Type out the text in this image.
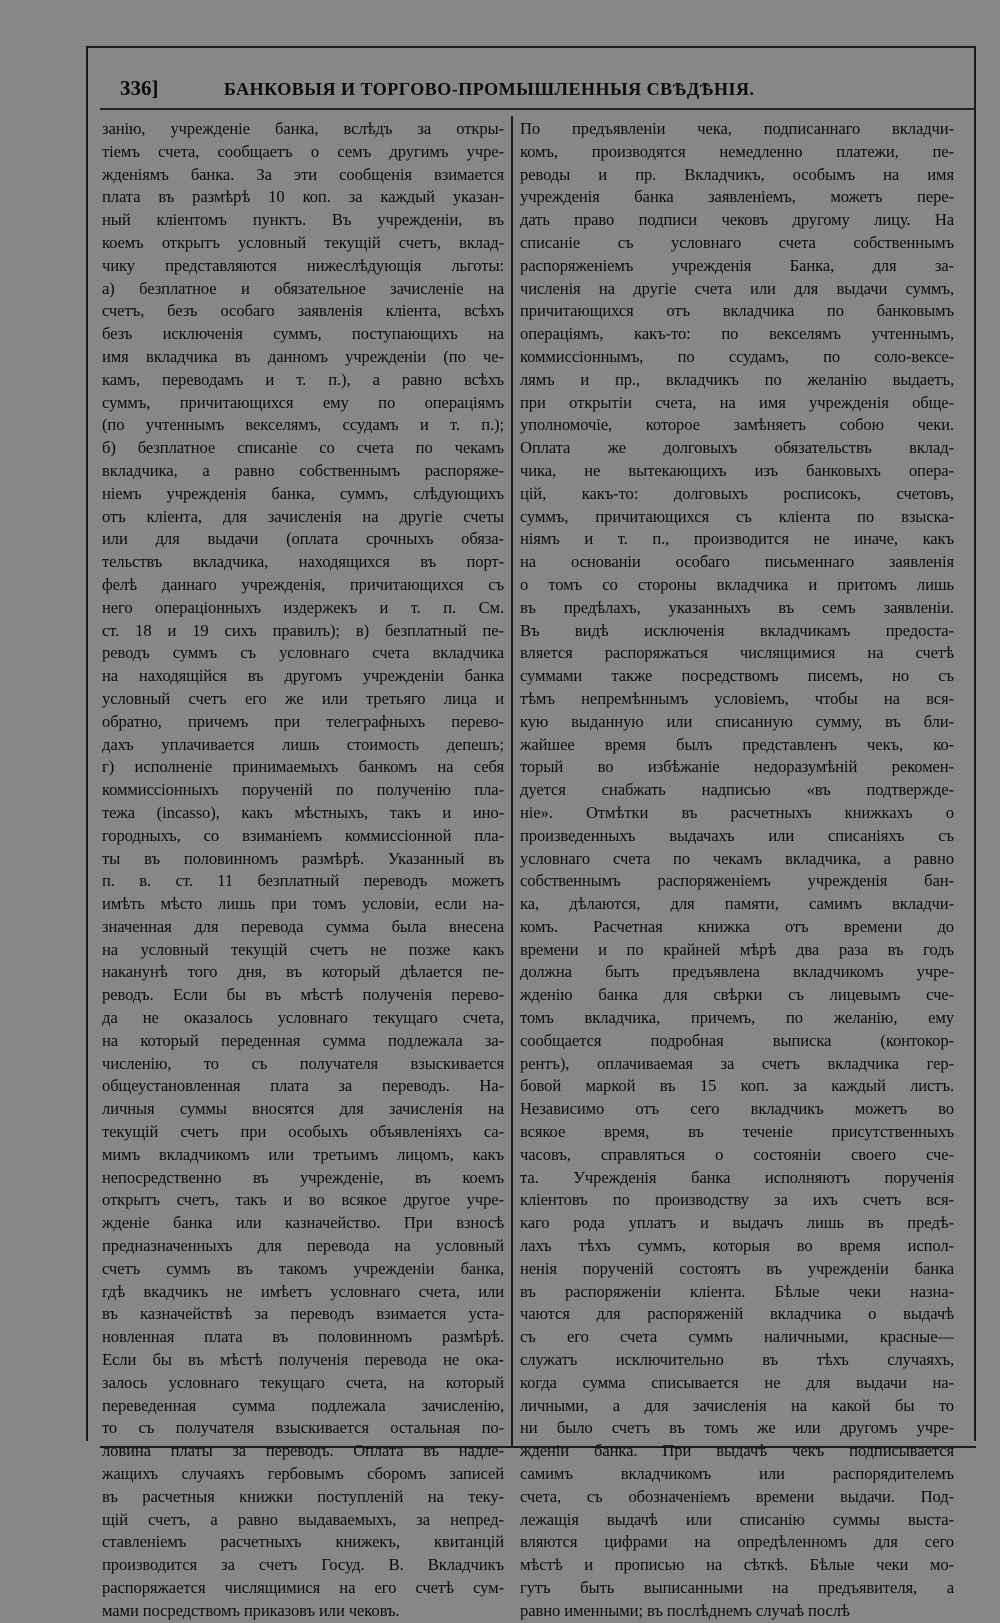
336]	БАНКОВЫЯ И ТОРГОВО-ПРОМЫШЛЕННЫЯ СВѢДѢНІЯ.
занію, учрежденіе банка, вслѣдъ за откры-
тіемъ счета, сообщаетъ о семъ другимъ учре-
жденіямъ банка. За эти сообщенія взимается
плата въ размѣрѣ 10 коп. за каждый указан-
ный кліентомъ пунктъ. Въ учрежденіи, въ
коемъ открытъ условный текущій счетъ, вклад-
чику представляются нижеслѣдующія льготы:
а) безплатное и обязательное зачисленіе на
счетъ, безъ особаго заявленія кліента, всѣхъ
безъ исключенія суммъ, поступающихъ на
имя вкладчика въ данномъ учрежденіи (по че-
камъ, переводамъ и т. п.), а равно всѣхъ
суммъ, причитающихся ему по операціямъ
(по учтеннымъ векселямъ, ссудамъ и т. п.);
б) безплатное списаніе со счета по чекамъ
вкладчика, а равно собственнымъ распоряже-
ніемъ учрежденія банка, суммъ, слѣдующихъ
отъ кліента, для зачисленія на другіе счеты
или для выдачи (оплата срочныхъ обяза-
тельствъ вкладчика, находящихся въ порт-
фелѣ даннаго учрежденія, причитающихся съ
него операціонныхъ издержекъ и т. п. См.
ст. 18 и 19 сихъ правилъ); в) безплатный пе-
реводъ суммъ съ условнаго счета вкладчика
на находящійся въ другомъ учрежденіи банка
условный счетъ его же или третьяго лица и
обратно, причемъ при телеграфныхъ перево-
дахъ уплачивается лишь стоимость депешъ;
г) исполненіе принимаемыхъ банкомъ на себя
коммиссіонныхъ порученій по полученію пла-
тежа (incasso), какъ мѣстныхъ, такъ и ино-
городныхъ, со взиманіемъ коммиссіонной пла-
ты въ половинномъ размѣрѣ. Указанный въ
п. в. ст. 11 безплатный переводъ можетъ
имѣть мѣсто лишь при томъ условіи, если на-
значенная для перевода сумма была внесена
на условный текущій счетъ не позже какъ
наканунѣ того дня, въ который дѣлается пе-
реводъ. Если бы въ мѣстѣ полученія перево-
да не оказалось условнаго текущаго счета,
на который переденная сумма подлежала за-
численію, то съ получателя взыскивается
общеустановленная плата за переводъ. На-
личныя суммы вносятся для зачисленія на
текущій счетъ при особыхъ объявленіяхъ са-
мимъ вкладчикомъ или третьимъ лицомъ, какъ
непосредственно въ учрежденіе, въ коемъ
открытъ счетъ, такъ и во всякое другое учре-
жденіе банка или казначейство. При взносѣ
предназначенныхъ для перевода на условный
счетъ суммъ въ такомъ учрежденіи банка,
гдѣ вкадчикъ не имѣетъ условнаго счета, или
въ казначействѣ за переводъ взимается уста-
новленная плата въ половинномъ размѣрѣ.
Если бы въ мѣстѣ полученія перевода не ока-
залось условнаго текущаго счета, на который
переведенная сумма подлежала зачисленію,
то съ получателя взыскивается остальная по-
ловина платы за переводъ. Оплата въ надле-
жащихъ случаяхъ гербовымъ сборомъ записей
въ расчетныя книжки поступленій на теку-
щій счетъ, а равно выдаваемыхъ, за непред-
ставленіемъ расчетныхъ книжекъ, квитанцій
производится за счетъ Госуд. В. Вкладчикъ
распоряжается числящимися на его счетѣ сум-
мами посредствомъ приказовъ или чековъ.
По предъявленіи чека, подписаннаго вкладчи-
комъ, производятся немедленно платежи, пе-
реводы и пр. Вкладчикъ, особымъ на имя
учрежденія банка заявленіемъ, можетъ пере-
дать право подписи чековъ другому лицу. На
списаніе съ условнаго счета собственнымъ
распоряженіемъ учрежденія Банка, для за-
численія на другіе счета или для выдачи суммъ,
причитающихся отъ вкладчика по банковымъ
операціямъ, какъ-то: по векселямъ учтеннымъ,
коммиссіоннымъ, по ссудамъ, по соло-вексе-
лямъ и пр., вкладчикъ по желанію выдаетъ,
при открытіи счета, на имя учрежденія обще-
уполномочіе, которое замѣняетъ собою чеки.
Оплата же долговыхъ обязательствъ вклад-
чика, не вытекающихъ изъ банковыхъ опера-
цій, какъ-то: долговыхъ росписокъ, счетовъ,
суммъ, причитающихся съ кліента по взыска-
ніямъ и т. п., производится не иначе, какъ
на основаніи особаго письменнаго заявленія
о томъ со стороны вкладчика и притомъ лишь
въ предѣлахъ, указанныхъ въ семъ заявленіи.
Въ видѣ исключенія вкладчикамъ предоста-
вляется распоряжаться числящимися на счетѣ
суммами также посредствомъ писемъ, но съ
тѣмъ непремѣннымъ условіемъ, чтобы на вся-
кую выданную или списанную сумму, въ бли-
жайшее время былъ представленъ чекъ, ко-
торый во избѣжаніе недоразумѣній рекомен-
дуется снабжать надписью «въ подтвержде-
ніе». Отмѣтки въ расчетныхъ книжкахъ о
произведенныхъ выдачахъ или списаніяхъ съ
условнаго счета по чекамъ вкладчика, а равно
собственнымъ распоряженіемъ учрежденія бан-
ка, дѣлаются, для памяти, самимъ вкладчи-
комъ. Расчетная книжка отъ времени до
времени и по крайней мѣрѣ два раза въ годъ
должна быть предъявлена вкладчикомъ учре-
жденію банка для свѣрки съ лицевымъ сче-
томъ вкладчика, причемъ, по желанію, ему
сообщается подробная выписка (контокор-
рентъ), оплачиваемая за счетъ вкладчика гер-
бовой маркой въ 15 коп. за каждый листъ.
Независимо отъ сего вкладчикъ можетъ во
всякое время, въ теченіе присутственныхъ
часовъ, справляться о состояніи своего сче-
та. Учрежденія банка исполняютъ порученія
кліентовъ по производству за ихъ счетъ вся-
каго рода уплатъ и выдачъ лишь въ предѣ-
лахъ тѣхъ суммъ, которыя во время испол-
ненія порученій состоятъ въ учрежденіи банка
въ распоряженіи кліента. Бѣлые чеки назна-
чаются для распоряженій вкладчика о выдачѣ
съ его счета суммъ наличными, красные—
служатъ исключительно въ тѣхъ случаяхъ,
когда сумма списывается не для выдачи на-
личными, а для зачисленія на какой бы то
ни было счетъ въ томъ же или другомъ учре-
жденіи банка. При выдачѣ чекъ подписывается
самимъ вкладчикомъ или распорядителемъ
счета, съ обозначеніемъ времени выдачи. Под-
лежащія выдачѣ или списанію суммы выста-
вляются цифрами на опредѣленномъ для сего
мѣстѣ и прописью на сѣткѣ. Бѣлые чеки мо-
гутъ быть выписанными на предъявителя, а
равно именными; въ послѣднемъ случаѣ послѣ
